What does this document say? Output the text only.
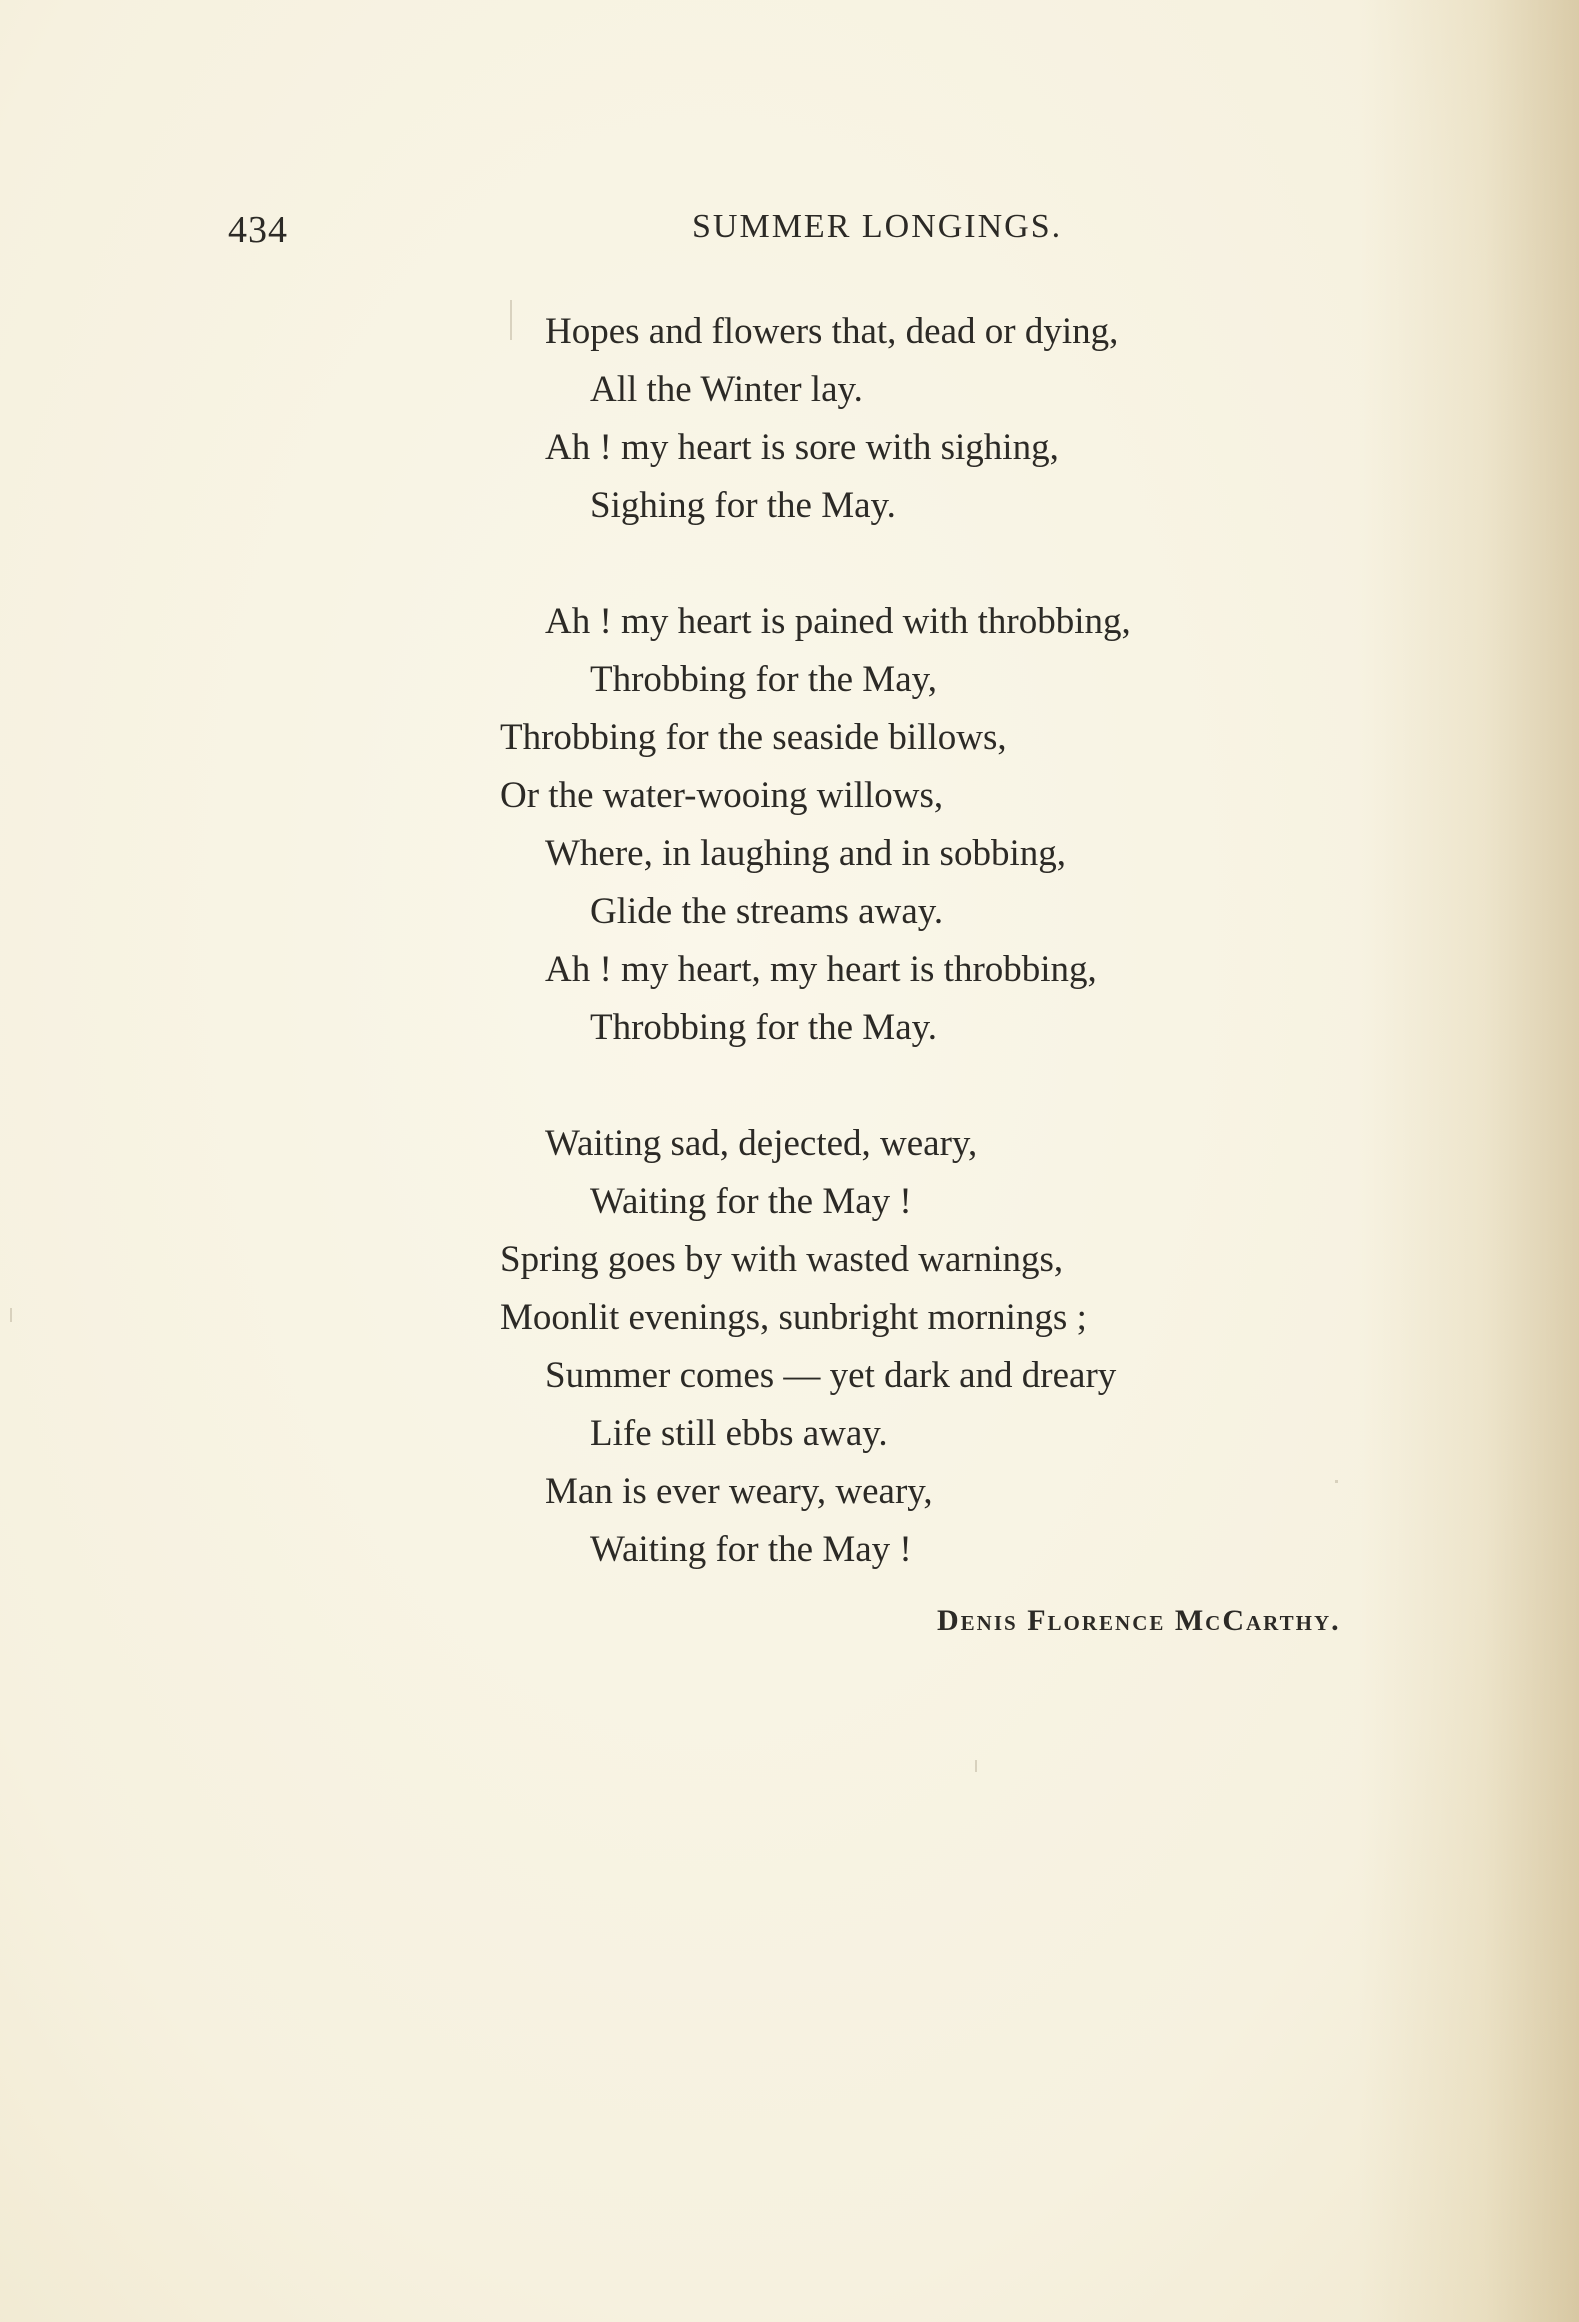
434	SUMMER LONGINGS.
Hopes and flowers that, dead or dying,
All the Winter lay.
Ah ! my heart is sore with sighing,
Sighing for the May.
Ah ! my heart is pained with throbbing,
Throbbing for the May,
Throbbing for the seaside billows,
Or the water-wooing willows,
Where, in laughing and in sobbing,
Glide the streams away.
Ah ! my heart, my heart is throbbing,
Throbbing for the May.
Waiting sad, dejected, weary,
Waiting for the May !
Spring goes by with wasted warnings,
Moonlit evenings, sunbright mornings ;
Summer comes — yet dark and dreary
Life still ebbs away.
Man is ever weary, weary,
Waiting for the May !
Denis Florence McCarthy.
